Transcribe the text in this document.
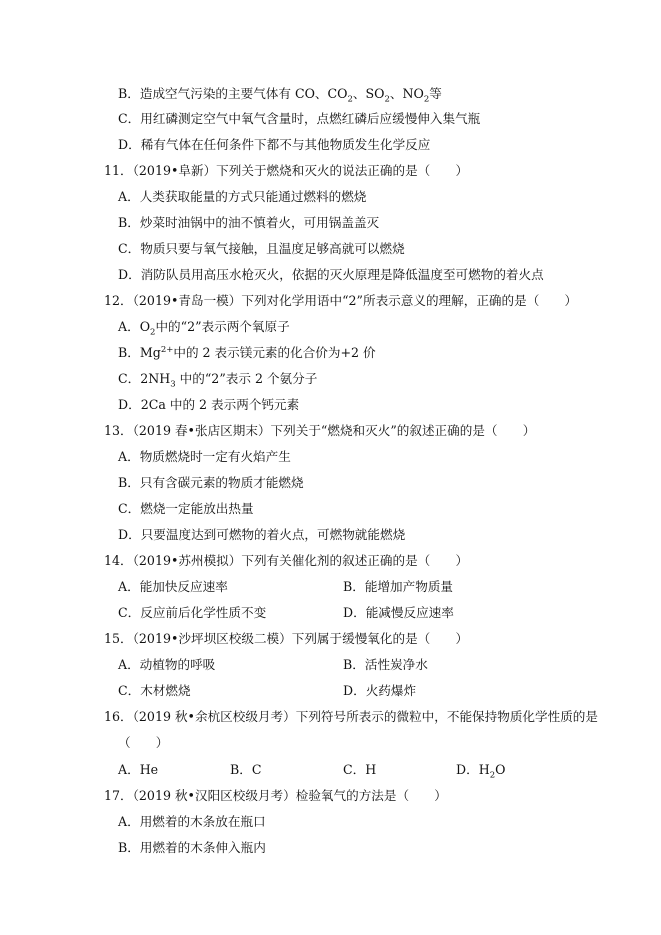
B．造成空气污染的主要气体有 CO、$CO_2$、$SO_2$、$NO_2$等
C．用红磷测定空气中氧气含量时，点燃红磷后应缓慢伸入集气瓶
D．稀有气体在任何条件下都不与其他物质发生化学反应
11．（2019•阜新）下列关于燃烧和灭火的说法正确的是（　　）
A．人类获取能量的方式只能通过燃料的燃烧
B．炒菜时油锅中的油不慎着火，可用锅盖盖灭
C．物质只要与氧气接触，且温度足够高就可以燃烧
D．消防队员用高压水枪灭火，依据的灭火原理是降低温度至可燃物的着火点
12．（2019•青岛一模）下列对化学用语中“2”所表示意义的理解，正确的是（　　）
A．$O_2$中的“2”表示两个氧原子
B．$Mg^{2+}$中的 2 表示镁元素的化合价为+2 价
C．$2NH_3$ 中的“2”表示 2 个氨分子
D．2Ca 中的 2 表示两个钙元素
13．（2019 春•张店区期末）下列关于“燃烧和灭火”的叙述正确的是（　　）
A．物质燃烧时一定有火焰产生
B．只有含碳元素的物质才能燃烧
C．燃烧一定能放出热量
D．只要温度达到可燃物的着火点，可燃物就能燃烧
14．（2019•苏州模拟）下列有关催化剂的叙述正确的是（　　）
A．能加快反应速率	B．能增加产物质量
C．反应前后化学性质不变	D．能减慢反应速率
15．（2019•沙坪坝区校级二模）下列属于缓慢氧化的是（　　）
A．动植物的呼吸	B．活性炭净水
C．木材燃烧	D．火药爆炸
16．（2019 秋•余杭区校级月考）下列符号所表示的微粒中，不能保持物质化学性质的是
（　　）
A．He	B．C	C．H	D．$H_2O$
17．（2019 秋•汉阳区校级月考）检验氧气的方法是（　　）
A．用燃着的木条放在瓶口
B．用燃着的木条伸入瓶内
